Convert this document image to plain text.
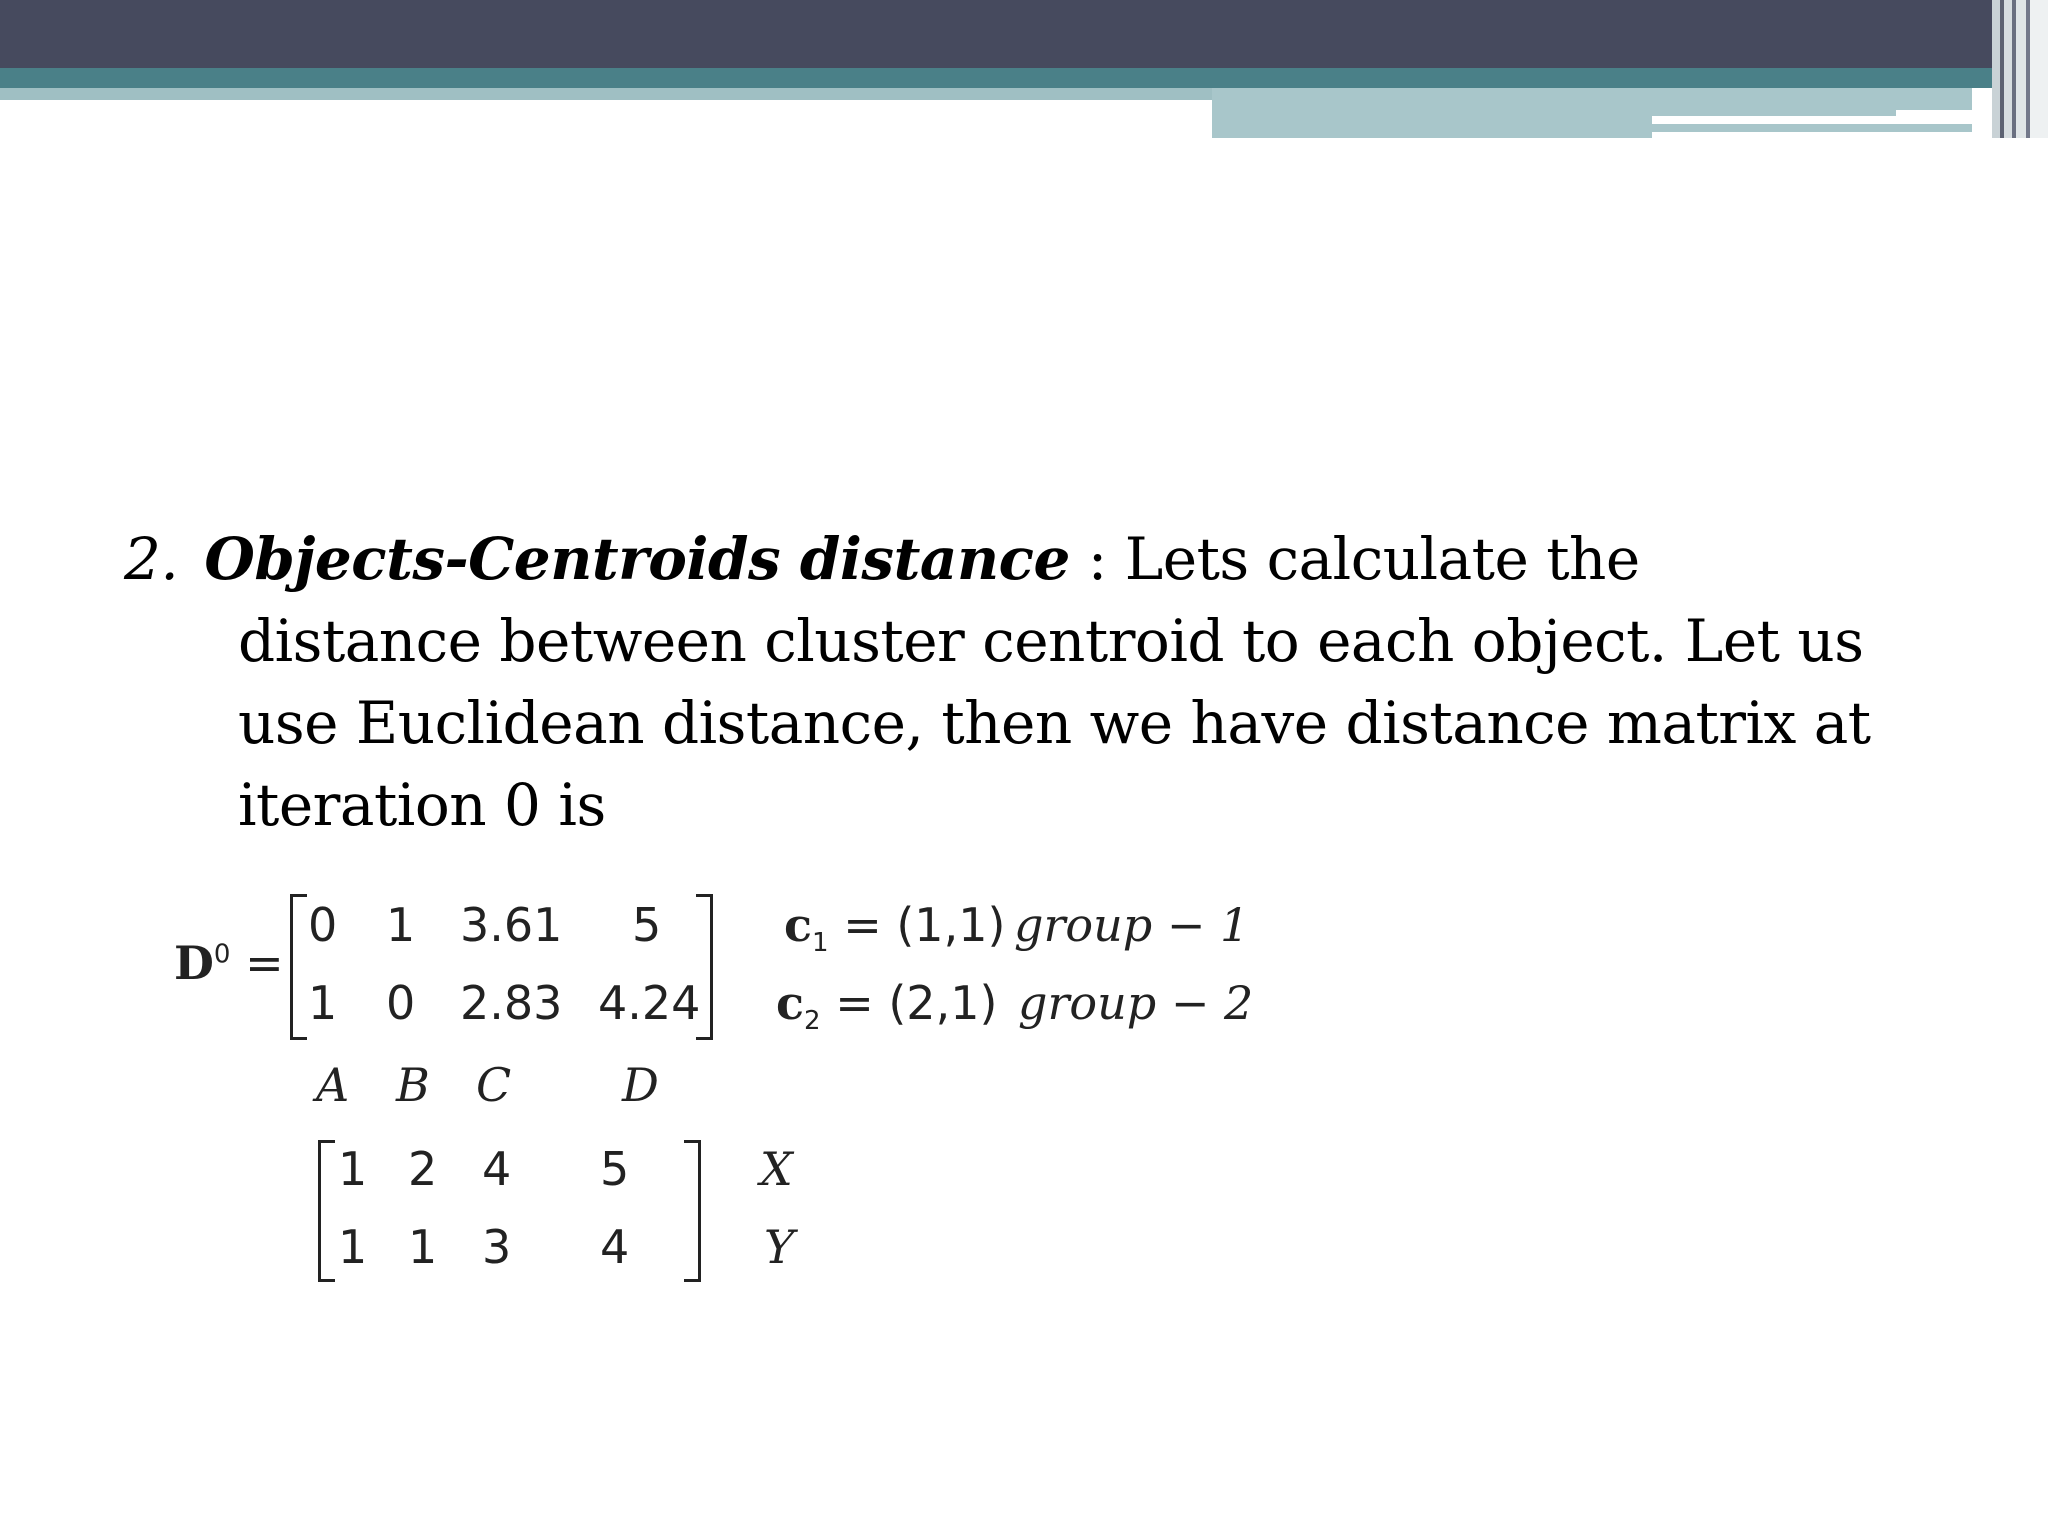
2. Objects-Centroids distance : Lets calculate the
distance between cluster centroid to each object. Let us
use Euclidean distance, then we have distance matrix at
iteration 0 is
$D^0$ =
0 1 3.61 5
1 0 2.83 4.24
$c_1 = (1,1)$ group − 1
$c_2 = (2,1)$ group − 2
A B C D
1 2 4 5
1 1 3 4
X
Y
